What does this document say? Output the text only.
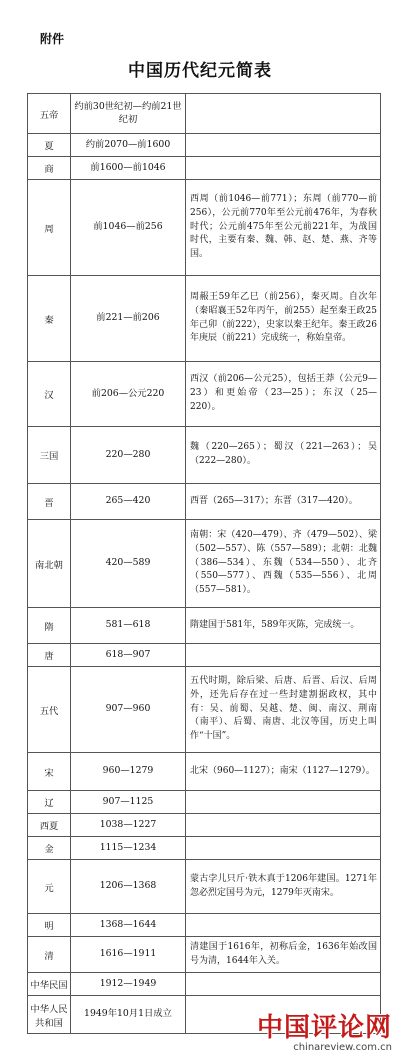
附件
中国历代纪元简表
五帝	约前30世纪初—约前21世纪初	
夏	约前2070—前1600	
商	前1600—前1046	
周	前1046—前256	西周（前1046—前771）；东周（前770—前256），公元前770年至公元前476年，为春秋时代；公元前475年至公元前221年，为战国时代，主要有秦、魏、韩、赵、楚、燕、齐等国。
秦	前221—前206	周赧王59年乙巳（前256），秦灭周。自次年（秦昭襄王52年丙午，前255）起至秦王政25年己卯（前222），史家以秦王纪年。秦王政26年庚辰（前221）完成统一，称始皇帝。
汉	前206—公元220	西汉（前206—公元25），包括王莽（公元9—23）和更始帝（23—25）；东汉（25—220）。
三国	220—280	魏（220—265）；蜀汉（221—263）；吴（222—280）。
晋	265—420	西晋（265—317）；东晋（317—420）。
南北朝	420—589	南朝：宋（420—479）、齐（479—502）、梁（502—557）、陈（557—589）；北朝：北魏（386—534）、东魏（534—550）、北齐（550—577）、西魏（535—556）、北周（557—581）。
隋	581—618	隋建国于581年，589年灭陈，完成统一。
唐	618—907	
五代	907—960	五代时期，除后梁、后唐、后晋、后汉、后周外，还先后存在过一些封建割据政权，其中有：吴、前蜀、吴越、楚、闽、南汉、荆南（南平）、后蜀、南唐、北汉等国，历史上叫作“十国”。
宋	960—1279	北宋（960—1127）；南宋（1127—1279）。
辽	907—1125	
西夏	1038—1227	
金	1115—1234	
元	1206—1368	蒙古孛儿只斤·铁木真于1206年建国。1271年忽必烈定国号为元，1279年灭南宋。
明	1368—1644	
清	1616—1911	清建国于1616年，初称后金，1636年始改国号为清，1644年入关。
中华民国	1912—1949	
中华人民共和国	1949年10月1日成立		中国评论网
chinareview.com.cn
